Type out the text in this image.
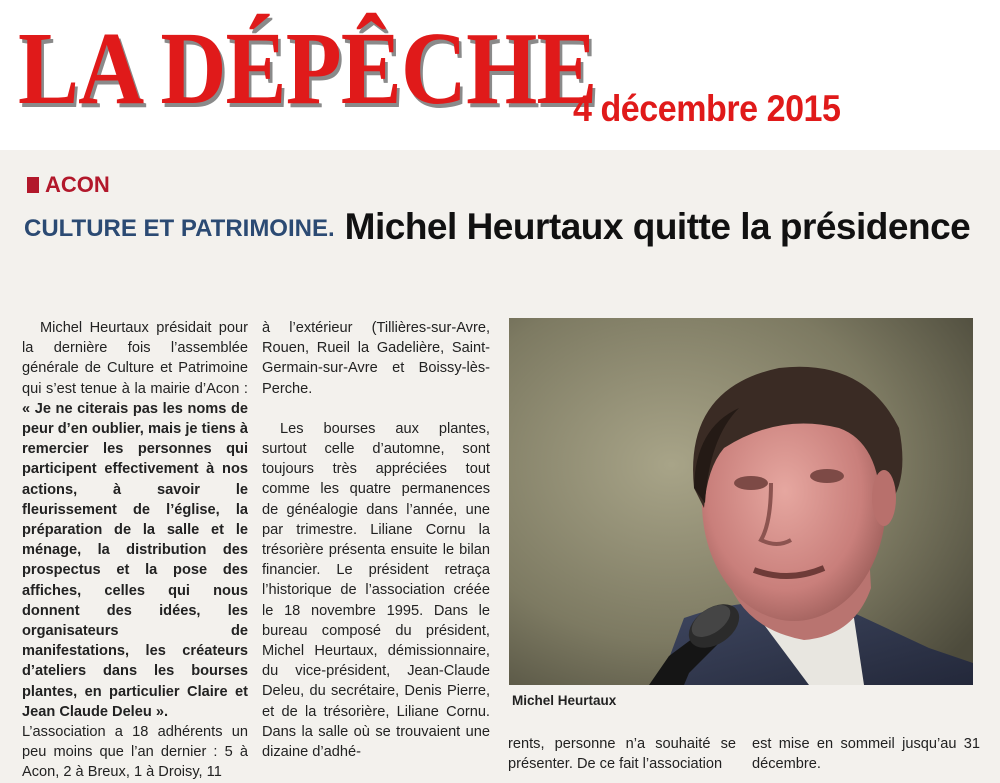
LA DÉPÊCHE
4 décembre 2015
ACON
CULTURE ET PATRIMOINE. Michel Heurtaux quitte la présidence

Michel Heurtaux présidait pour la dernière fois l’assemblée générale de Culture et Patrimoine qui s’est tenue à la mairie d’Acon : « Je ne citerais pas les noms de peur d’en oublier, mais je tiens à remercier les personnes qui participent effectivement à nos actions, à savoir le fleurissement de l’église, la préparation de la salle et le ménage, la distribution des prospectus et la pose des affiches, celles qui nous donnent des idées, les organisateurs de manifestations, les créateurs d’ateliers dans les bourses plantes, en particulier Claire et Jean Claude Deleu ».

L’association a 18 adhérents un peu moins que l’an dernier : 5 à Acon, 2 à Breux, 1 à Droisy, 11

à l’extérieur (Tillières-sur-Avre, Rouen, Rueil la Gadelière, Saint-Germain-sur-Avre et Boissy-lès-Perche.

Les bourses aux plantes, surtout celle d’automne, sont toujours très appréciées tout comme les quatre permanences de généalogie dans l’année, une par trimestre. Liliane Cornu la trésorière présenta ensuite le bilan financier. Le président retraça l’historique de l’association créée le 18 novembre 1995. Dans le bureau composé du président, Michel Heurtaux, démissionnaire, du vice-président, Jean-Claude Deleu, du secrétaire, Denis Pierre, et de la trésorière, Liliane Cornu. Dans la salle où se trouvaient une dizaine d’adhé-

Michel Heurtaux

rents, personne n’a souhaité se présenter. De ce fait l’association

est mise en sommeil jusqu’au 31 décembre.
